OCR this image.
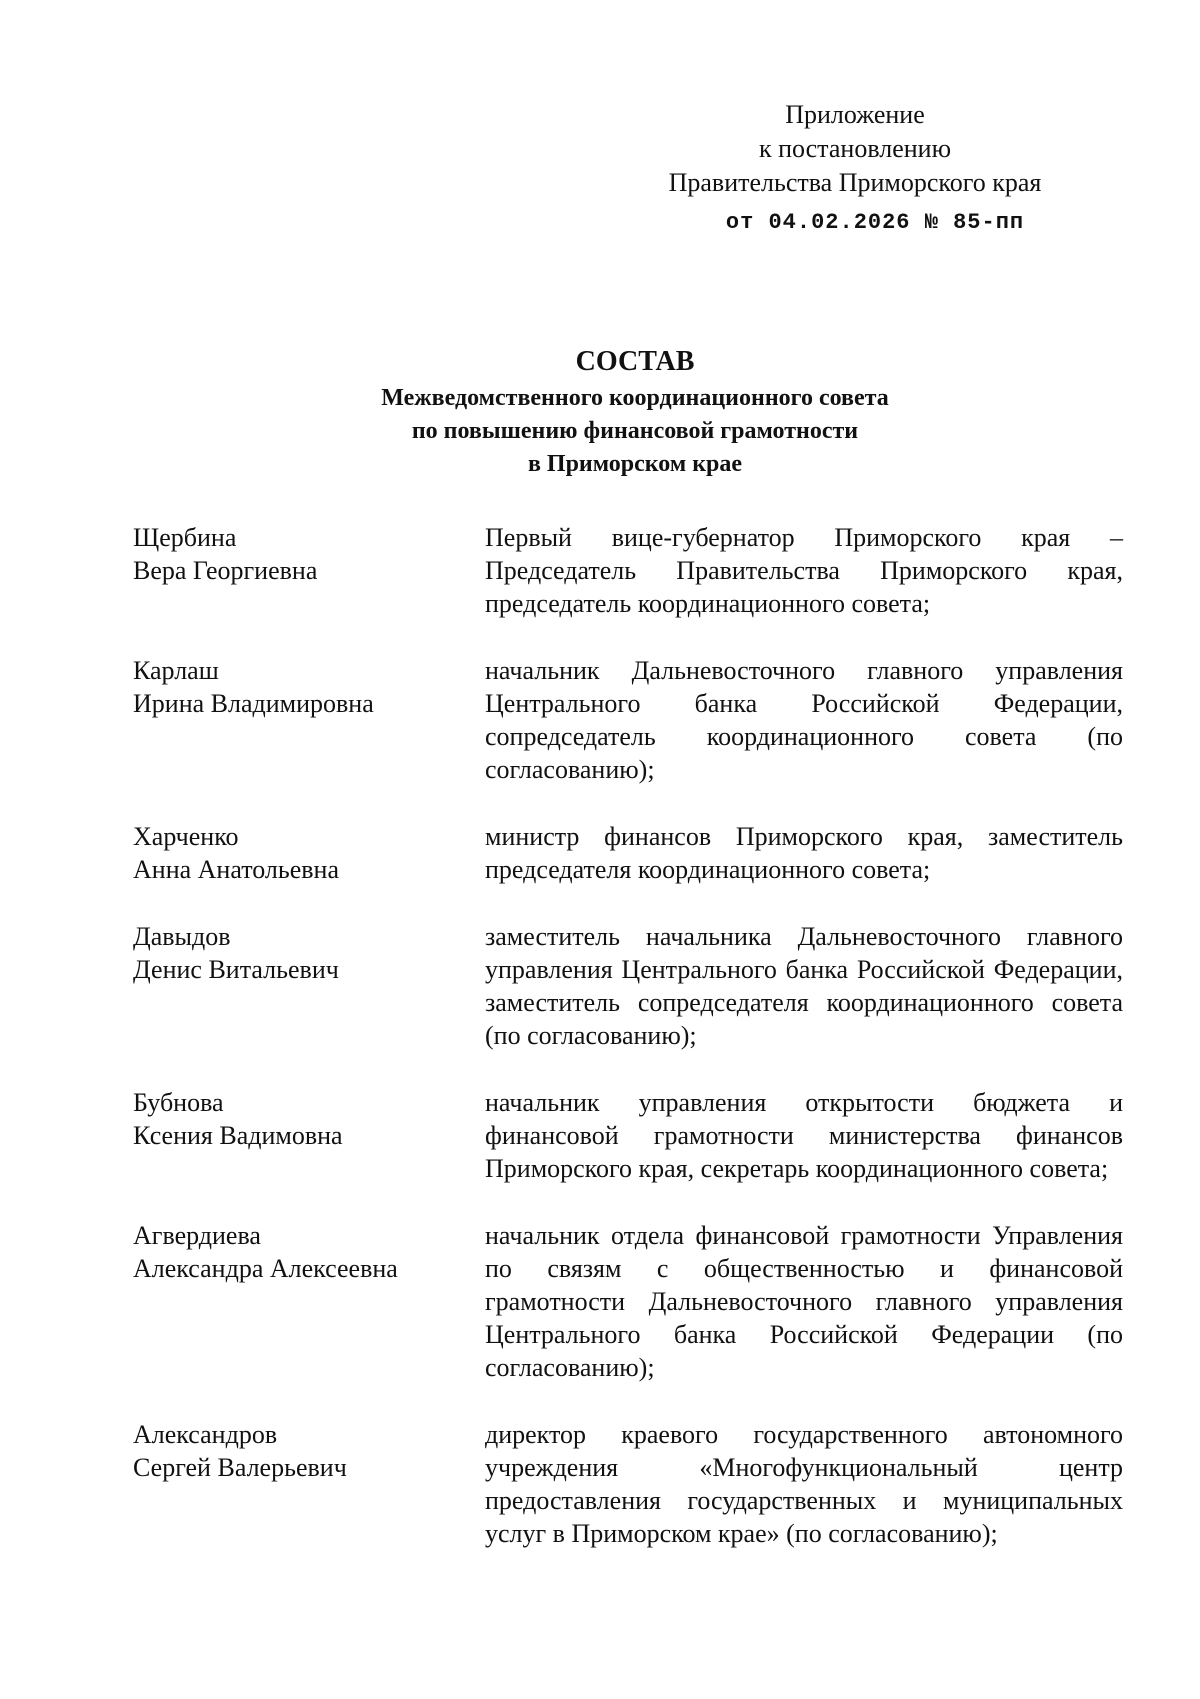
Приложение
к постановлению
Правительства Приморского края
от 04.02.2026 № 85-пп
СОСТАВ
Межведомственного координационного совета
по повышению финансовой грамотности
в Приморском крае
Щербина
Вера Георгиевна
Первый вице-губернатор Приморского края – Председатель Правительства Приморского края, председатель координационного совета;
Карлаш
Ирина Владимировна
начальник Дальневосточного главного управления Центрального банка Российской Федерации, сопредседатель координационного совета (по согласованию);
Харченко
Анна Анатольевна
министр финансов Приморского края, заместитель председателя координационного совета;
Давыдов
Денис Витальевич
заместитель начальника Дальневосточного главного управления Центрального банка Российской Федерации, заместитель сопредседателя координационного совета (по согласованию);
Бубнова
Ксения Вадимовна
начальник управления открытости бюджета и финансовой грамотности министерства финансов Приморского края, секретарь координационного совета;
Агвердиева
Александра Алексеевна
начальник отдела финансовой грамотности Управления по связям с общественностью и финансовой грамотности Дальневосточного главного управления Центрального банка Российской Федерации (по согласованию);
Александров
Сергей Валерьевич
директор краевого государственного автономного учреждения «Многофункциональный центр предоставления государственных и муниципальных услуг в Приморском крае» (по согласованию);
